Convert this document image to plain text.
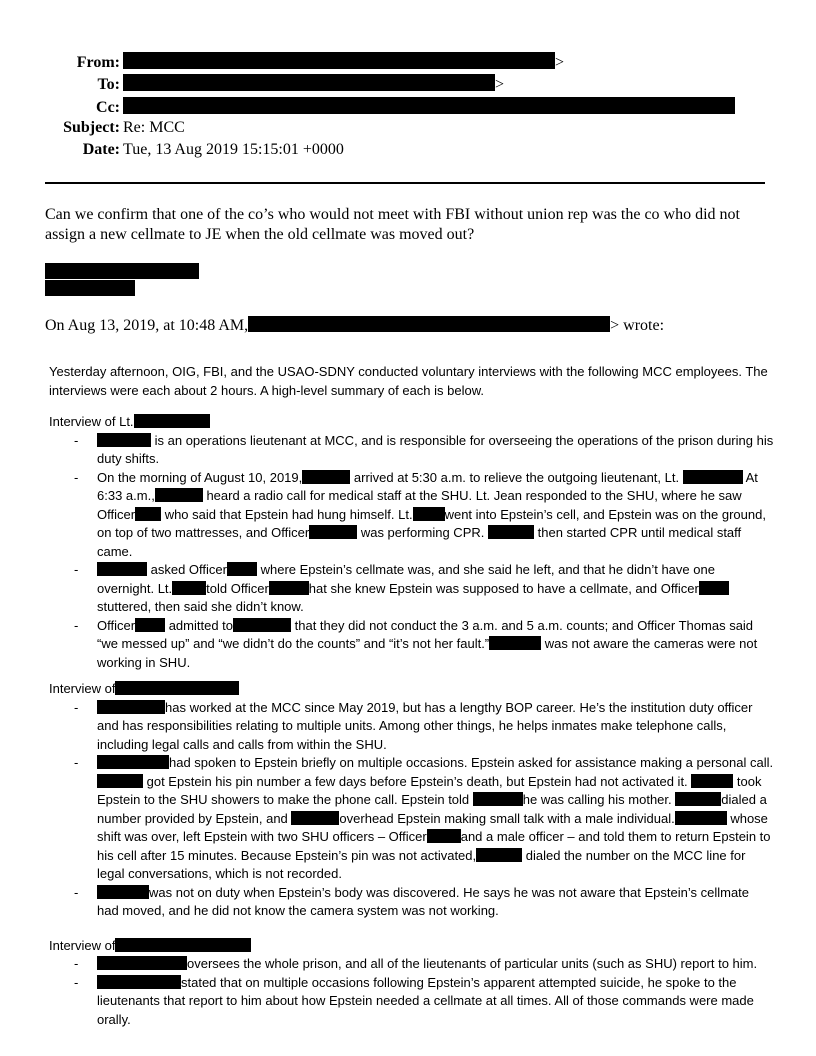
From:	>
To:	>
Cc:
Subject: Re: MCC
Date: Tue, 13 Aug 2019 15:15:01 +0000
Can we confirm that one of the co’s who would not meet with FBI without union rep was the co who did not assign a new cellmate to JE when the old cellmate was moved out?
On Aug 13, 2019, at 10:48 AM,	> wrote:

Yesterday afternoon, OIG, FBI, and the USAO-SDNY conducted voluntary interviews with the following MCC employees. The interviews were each about 2 hours. A high-level summary of each is below.

Interview of Lt.
-	is an operations lieutenant at MCC, and is responsible for overseeing the operations of the prison during his duty shifts.
- On the morning of August 10, 2019,	arrived at 5:30 a.m. to relieve the outgoing lieutenant, Lt.	At 6:33 a.m.,	heard a radio call for medical staff at the SHU. Lt. Jean responded to the SHU, where he saw Officer who said that Epstein had hung himself. Lt. went into Epstein’s cell, and Epstein was on the ground, on top of two mattresses, and Officer	was performing CPR.	then started CPR until medical staff came.
-	asked Officer	where Epstein’s cellmate was, and she said he left, and that he didn’t have one overnight. Lt.	told Officer	hat she knew Epstein was supposed to have a cellmate, and Officer stuttered, then said she didn’t know.
- Officer	admitted to	that they did not conduct the 3 a.m. and 5 a.m. counts; and Officer Thomas said “we messed up” and “we didn’t do the counts” and “it’s not her fault.”	was not aware the cameras were not working in SHU.
Interview of
-	has worked at the MCC since May 2019, but has a lengthy BOP career. He’s the institution duty officer and has responsibilities relating to multiple units. Among other things, he helps inmates make telephone calls, including legal calls and calls from within the SHU.
-	had spoken to Epstein briefly on multiple occasions. Epstein asked for assistance making a personal call.  got Epstein his pin number a few days before Epstein’s death, but Epstein had not activated it.	took Epstein to the SHU showers to make the phone call. Epstein told	he was calling his mother.	dialed a number provided by Epstein, and	overhead Epstein making small talk with a male individual.	whose shift was over, left Epstein with two SHU officers – Officer	and a male officer – and told them to return Epstein to his cell after 15 minutes. Because Epstein’s pin was not activated,	dialed the number on the MCC line for legal conversations, which is not recorded.
-	was not on duty when Epstein’s body was discovered. He says he was not aware that Epstein’s cellmate had moved, and he did not know the camera system was not working.
Interview of
-	oversees the whole prison, and all of the lieutenants of particular units (such as SHU) report to him.
-	stated that on multiple occasions following Epstein’s apparent attempted suicide, he spoke to the lieutenants that report to him about how Epstein needed a cellmate at all times. All of those commands were made orally.
